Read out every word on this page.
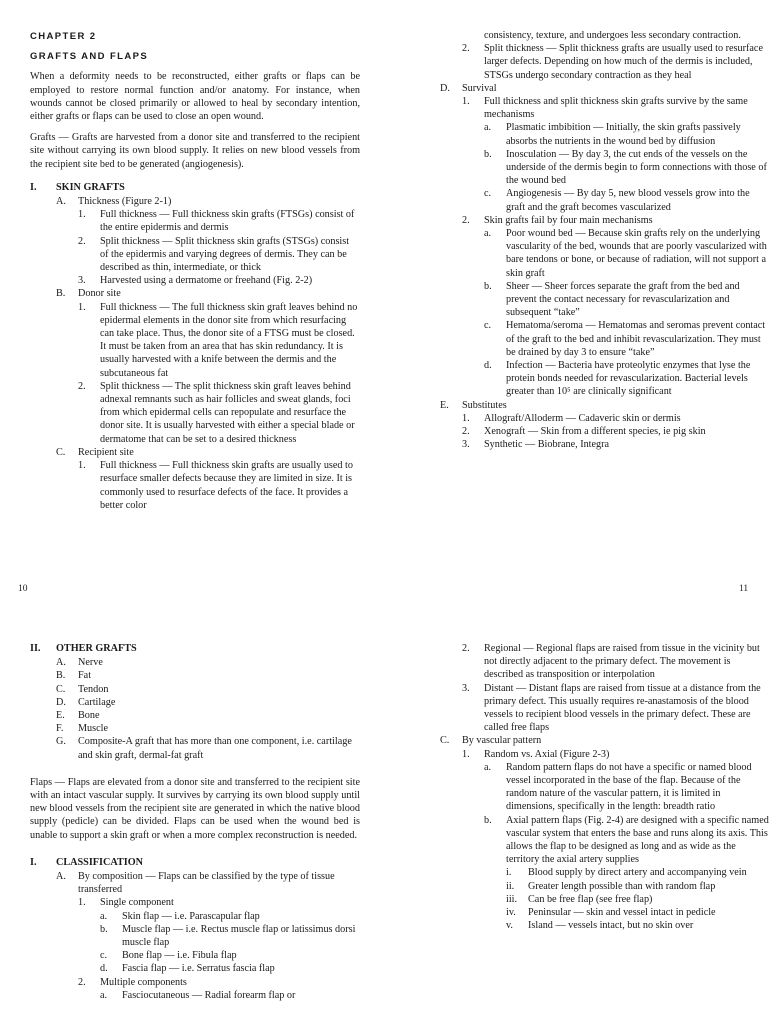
CHAPTER 2
GRAFTS AND FLAPS

When a deformity needs to be reconstructed, either grafts or flaps can be employed to restore normal function and/or anatomy. For instance, when wounds cannot be closed primarily or allowed to heal by secondary intention, either grafts or flaps can be used to close an open wound.

Grafts — Grafts are harvested from a donor site and transferred to the recipient site without carrying its own blood supply. It relies on new blood vessels from the recipient site bed to be generated (angiogenesis).

I. SKIN GRAFTS
A. Thickness (Figure 2-1)
1. Full thickness — Full thickness skin grafts (FTSGs) consist of the entire epidermis and dermis
2. Split thickness — Split thickness skin grafts (STSGs) consist of the epidermis and varying degrees of dermis. They can be described as thin, intermediate, or thick
3. Harvested using a dermatome or freehand (Fig. 2-2)
B. Donor site
1. Full thickness — The full thickness skin graft leaves behind no epidermal elements in the donor site from which resurfacing can take place. Thus, the donor site of a FTSG must be closed. It must be taken from an area that has skin redundancy. It is usually harvested with a knife between the dermis and the subcutaneous fat
2. Split thickness — The split thickness skin graft leaves behind adnexal remnants such as hair follicles and sweat glands, foci from which epidermal cells can repopulate and resurface the donor site. It is usually harvested with either a special blade or dermatome that can be set to a desired thickness
C. Recipient site
1. Full thickness — Full thickness skin grafts are usually used to resurface smaller defects because they are limited in size. It is commonly used to resurface defects of the face. It provides a better color
consistency, texture, and undergoes less secondary contraction.
2. Split thickness — Split thickness grafts are usually used to resurface larger defects. Depending on how much of the dermis is included, STSGs undergo secondary contraction as they heal
D. Survival
1. Full thickness and split thickness skin grafts survive by the same mechanisms
a. Plasmatic imbibition — Initially, the skin grafts passively absorbs the nutrients in the wound bed by diffusion
b. Inosculation — By day 3, the cut ends of the vessels on the underside of the dermis begin to form connections with those of the wound bed
c. Angiogenesis — By day 5, new blood vessels grow into the graft and the graft becomes vascularized
2. Skin grafts fail by four main mechanisms
a. Poor wound bed — Because skin grafts rely on the underlying vascularity of the bed, wounds that are poorly vascularized with bare tendons or bone, or because of radiation, will not support a skin graft
b. Sheer — Sheer forces separate the graft from the bed and prevent the contact necessary for revascularization and subsequent “take”
c. Hematoma/seroma — Hematomas and seromas prevent contact of the graft to the bed and inhibit revascularization. They must be drained by day 3 to ensure “take”
d. Infection — Bacteria have proteolytic enzymes that lyse the protein bonds needed for revascularization. Bacterial levels greater than 10⁵ are clinically significant
E. Substitutes
1. Allograft/Alloderm — Cadaveric skin or dermis
2. Xenograft — Skin from a different species, ie pig skin
3. Synthetic — Biobrane, Integra
10	11
II. OTHER GRAFTS
A. Nerve
B. Fat
C. Tendon
D. Cartilage
E. Bone
F. Muscle
G. Composite-A graft that has more than one component, i.e. cartilage and skin graft, dermal-fat graft

Flaps — Flaps are elevated from a donor site and transferred to the recipient site with an intact vascular supply. It survives by carrying its own blood supply until new blood vessels from the recipient site are generated in which the native blood supply (pedicle) can be divided. Flaps can be used when the wound bed is unable to support a skin graft or when a more complex reconstruction is needed.

I. CLASSIFICATION
A. By composition — Flaps can be classified by the type of tissue transferred
1. Single component
a. Skin flap — i.e. Parascapular flap
b. Muscle flap — i.e. Rectus muscle flap or latissimus dorsi muscle flap
c. Bone flap — i.e. Fibula flap
d. Fascia flap — i.e. Serratus fascia flap
2. Multiple components
a. Fasciocutaneous — Radial forearm flap or
2. Regional — Regional flaps are raised from tissue in the vicinity but not directly adjacent to the primary defect. The movement is described as transposition or interpolation
3. Distant — Distant flaps are raised from tissue at a distance from the primary defect. This usually requires re-anastamosis of the blood vessels to recipient blood vessels in the primary defect. These are called free flaps
C. By vascular pattern
1. Random vs. Axial (Figure 2-3)
a. Random pattern flaps do not have a specific or named blood vessel incorporated in the base of the flap. Because of the random nature of the vascular pattern, it is limited in dimensions, specifically in the length: breadth ratio
b. Axial pattern flaps (Fig. 2-4) are designed with a specific named vascular system that enters the base and runs along its axis. This allows the flap to be designed as long and as wide as the territory the axial artery supplies
i. Blood supply by direct artery and accompanying vein
ii. Greater length possible than with random flap
iii. Can be free flap (see free flap)
iv. Peninsular — skin and vessel intact in pedicle
v. Island — vessels intact, but no skin over
